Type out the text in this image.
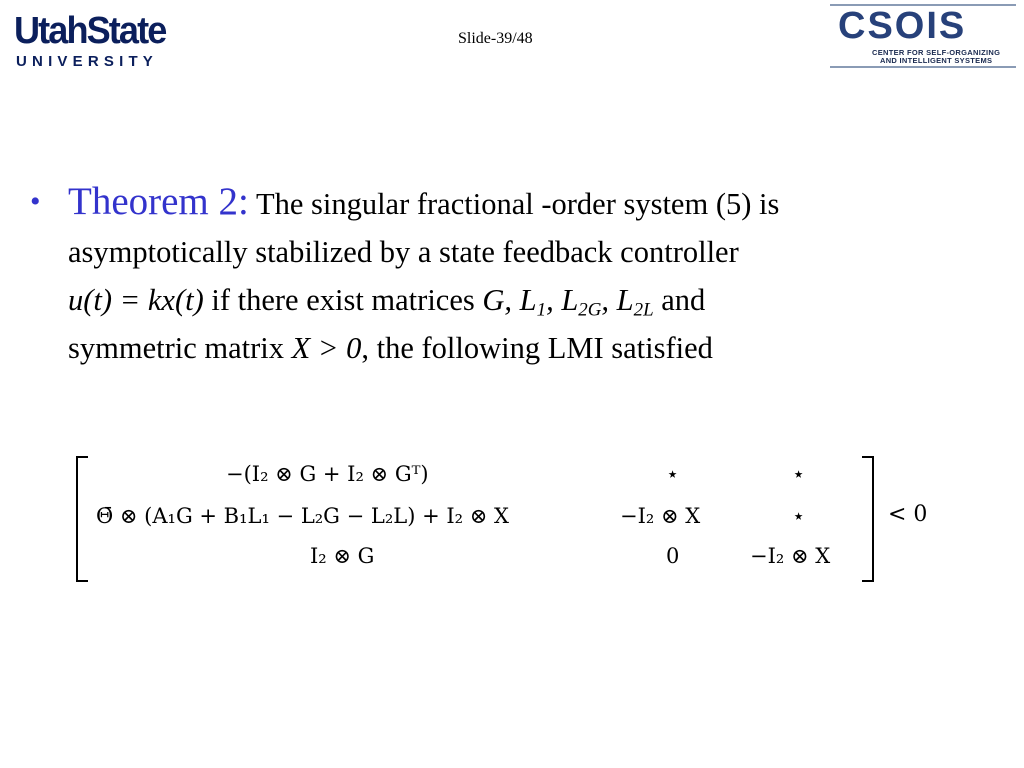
UtahState
UNIVERSITY
Slide-39/48	CSOIS
CENTER FOR SELF-ORGANIZING
AND INTELLIGENT SYSTEMS
• Theorem 2: The singular fractional -order system (5) is
asymptotically stabilized by a state feedback controller
u(t) = kx(t) if there exist matrices G, $L_1$, $L_{2G}$, $L_{2L}$ and
symmetric matrix X > 0, the following LMI satisfied
−(I₂ ⊗ G + I₂ ⊗ Gᵀ)	⋆	⋆
Θ̄ ⊗ (A₁G + B₁L₁ − L₂G − L₂L) + I₂ ⊗ X	−I₂ ⊗ X	⋆
I₂ ⊗ G	0	−I₂ ⊗ X
< 0
